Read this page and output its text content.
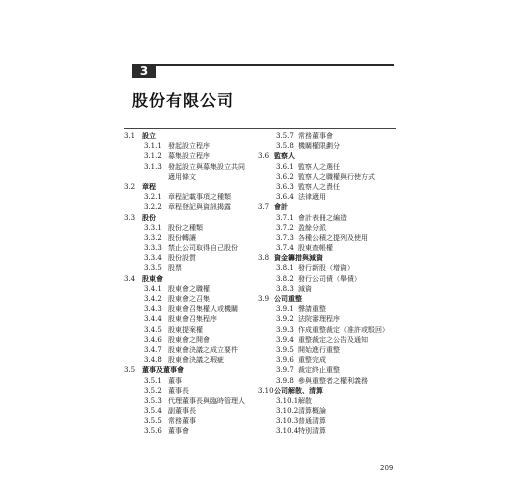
3
股份有限公司
3.1 設立
3.1.1 發起設立程序
3.1.2 募集設立程序
3.1.3 發起設立與募集設立共同
適用條文
3.2 章程
3.2.1 章程記載事項之種類
3.2.2 章程登記與資訊揭露
3.3 股份
3.3.1 股份之種類
3.3.2 股份轉讓
3.3.3 禁止公司取得自己股份
3.3.4 股份設質
3.3.5 股票
3.4 股東會
3.4.1 股東會之職權
3.4.2 股東會之召集
3.4.3 股東會召集權人或機關
3.4.4 股東會召集程序
3.4.5 股東提案權
3.4.6 股東會之開會
3.4.7 股東會決議之成立要件
3.4.8 股東會決議之瑕疵
3.5 董事及董事會
3.5.1 董事
3.5.2 董事長
3.5.3 代理董事長與臨時管理人
3.5.4 副董事長
3.5.5 常務董事
3.5.6 董事會
3.5.7 常務董事會
3.5.8 機關權限劃分
3.6 監察人
3.6.1 監察人之選任
3.6.2 監察人之職權與行使方式
3.6.3 監察人之責任
3.6.4 法律適用
3.7 會計
3.7.1 會計表冊之編造
3.7.2 盈餘分派
3.7.3 各種公積之提列及使用
3.7.4 股東查帳權
3.8 資金籌措與減資
3.8.1 發行新股（增資）
3.8.2 發行公司債（舉債）
3.8.3 減資
3.9 公司重整
3.9.1 聲請重整
3.9.2 法院審理程序
3.9.3 作成重整裁定（准許或駁回）
3.9.4 重整裁定之公告及通知
3.9.5 開始進行重整
3.9.6 重整完成
3.9.7 裁定終止重整
3.9.8 參與重整者之權利義務
3.10 公司解散、清算
3.10.1 解散
3.10.2 清算概論
3.10.3 普通清算
3.10.4 特別清算
209
